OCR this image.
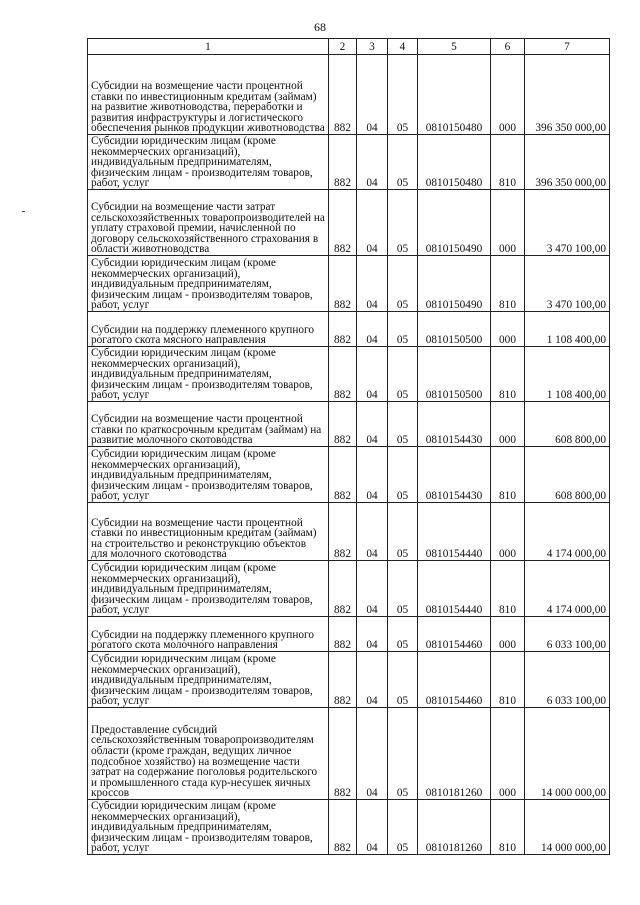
68
1	2	3	4	5	6	7
Субсидии на возмещение части процентной ставки по инвестиционным кредитам (займам) на развитие животноводства, переработки и развития инфраструктуры и логистического обеспечения рынков продукции животноводства	882	04	05	0810150480	000	396 350 000,00
Субсидии юридическим лицам (кроме некоммерческих организаций), индивидуальным предпринимателям, физическим лицам - производителям товаров, работ, услуг	882	04	05	0810150480	810	396 350 000,00
Субсидии на возмещение части затрат сельскохозяйственных товаропроизводителей на уплату страховой премии, начисленной по договору сельскохозяйственного страхования в области животноводства	882	04	05	0810150490	000	3 470 100,00
Субсидии юридическим лицам (кроме некоммерческих организаций), индивидуальным предпринимателям, физическим лицам - производителям товаров, работ, услуг	882	04	05	0810150490	810	3 470 100,00
Субсидии на поддержку племенного крупного рогатого скота мясного направления	882	04	05	0810150500	000	1 108 400,00
Субсидии юридическим лицам (кроме некоммерческих организаций), индивидуальным предпринимателям, физическим лицам - производителям товаров, работ, услуг	882	04	05	0810150500	810	1 108 400,00
Субсидии на возмещение части процентной ставки по краткосрочным кредитам (займам) на развитие молочного скотоводства	882	04	05	0810154430	000	608 800,00
Субсидии юридическим лицам (кроме некоммерческих организаций), индивидуальным предпринимателям, физическим лицам - производителям товаров, работ, услуг	882	04	05	0810154430	810	608 800,00
Субсидии на возмещение части процентной ставки по инвестиционным кредитам (займам) на строительство и реконструкцию объектов для молочного скотоводства	882	04	05	0810154440	000	4 174 000,00
Субсидии юридическим лицам (кроме некоммерческих организаций), индивидуальным предпринимателям, физическим лицам - производителям товаров, работ, услуг	882	04	05	0810154440	810	4 174 000,00
Субсидии на поддержку племенного крупного рогатого скота молочного направления	882	04	05	0810154460	000	6 033 100,00
Субсидии юридическим лицам (кроме некоммерческих организаций), индивидуальным предпринимателям, физическим лицам - производителям товаров, работ, услуг	882	04	05	0810154460	810	6 033 100,00
Предоставление субсидий сельскохозяйственным товаропроизводителям области (кроме граждан, ведущих личное подсобное хозяйство) на возмещение части затрат на содержание поголовья родительского и промышленного стада кур-несушек яичных кроссов	882	04	05	0810181260	000	14 000 000,00
Субсидии юридическим лицам (кроме некоммерческих организаций), индивидуальным предпринимателям, физическим лицам - производителям товаров, работ, услуг	882	04	05	0810181260	810	14 000 000,00
